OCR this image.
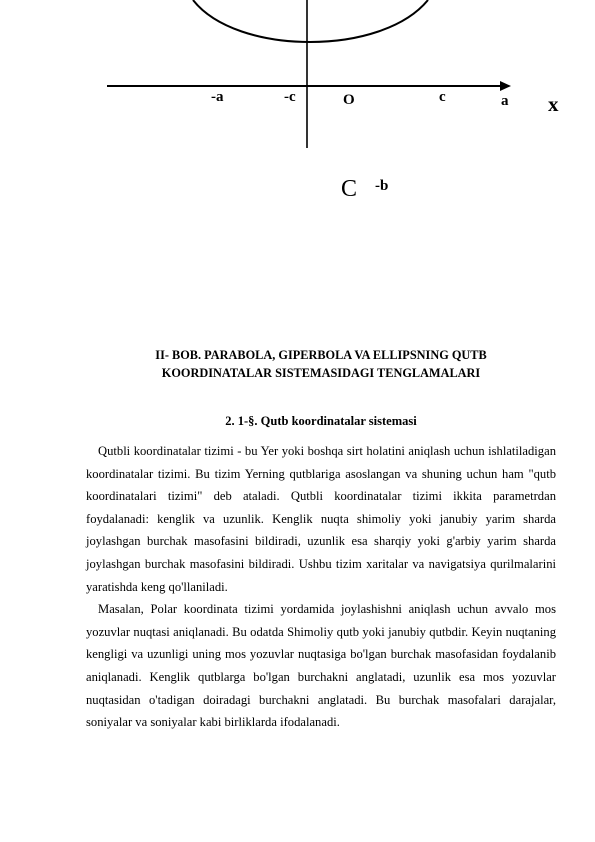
-a	-c	O	c	a x
C -b
II- BOB. PARABOLA, GIPERBOLA VA ELLIPSNING QUTB
KOORDINATALAR SISTEMASIDAGI TENGLAMALARI
2. 1-§. Qutb koordinatalar sistemasi

Qutbli koordinatalar tizimi - bu Yer yoki boshqa sirt holatini aniqlash uchun ishlatiladigan koordinatalar tizimi. Bu tizim Yerning qutblariga asoslangan va shuning uchun ham "qutb koordinatalari tizimi" deb ataladi. Qutbli koordinatalar tizimi ikkita parametrdan foydalanadi: kenglik va uzunlik. Kenglik nuqta shimoliy yoki janubiy yarim sharda joylashgan burchak masofasini bildiradi, uzunlik esa sharqiy yoki g'arbiy yarim sharda joylashgan burchak masofasini bildiradi. Ushbu tizim xaritalar va navigatsiya qurilmalarini yaratishda keng qo'llaniladi.

Masalan, Polar koordinata tizimi yordamida joylashishni aniqlash uchun avvalo mos yozuvlar nuqtasi aniqlanadi. Bu odatda Shimoliy qutb yoki janubiy qutbdir. Keyin nuqtaning kengligi va uzunligi uning mos yozuvlar nuqtasiga bo'lgan burchak masofasidan foydalanib aniqlanadi. Kenglik qutblarga bo'lgan burchakni anglatadi, uzunlik esa mos yozuvlar nuqtasidan o'tadigan doiradagi burchakni anglatadi. Bu burchak masofalari darajalar, soniyalar va soniyalar kabi birliklarda ifodalanadi.
